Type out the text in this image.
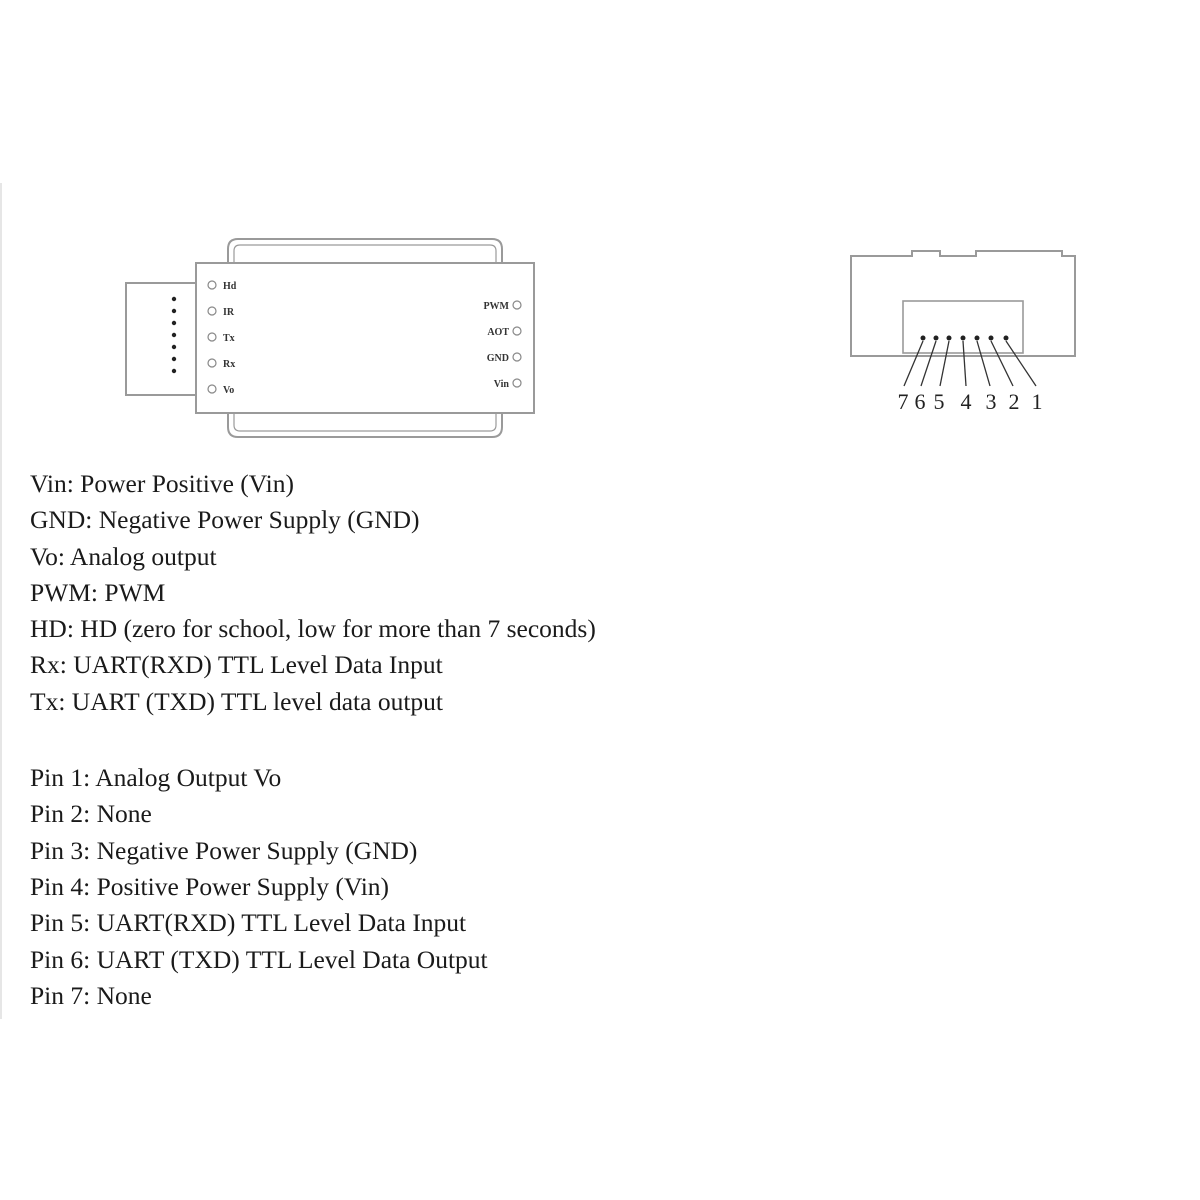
Hd
IR
Tx
Rx
Vo
PWM
AOT
GND
Vin
7 6 5 4 3 2 1
Vin: Power Positive (Vin)
GND: Negative Power Supply (GND)
Vo: Analog output
PWM: PWM
HD: HD (zero for school, low for more than 7 seconds)
Rx: UART(RXD) TTL Level Data Input
Tx: UART (TXD) TTL level data output
Pin 1: Analog Output Vo
Pin 2: None
Pin 3: Negative Power Supply (GND)
Pin 4: Positive Power Supply (Vin)
Pin 5: UART(RXD) TTL Level Data Input
Pin 6: UART (TXD) TTL Level Data Output
Pin 7: None
